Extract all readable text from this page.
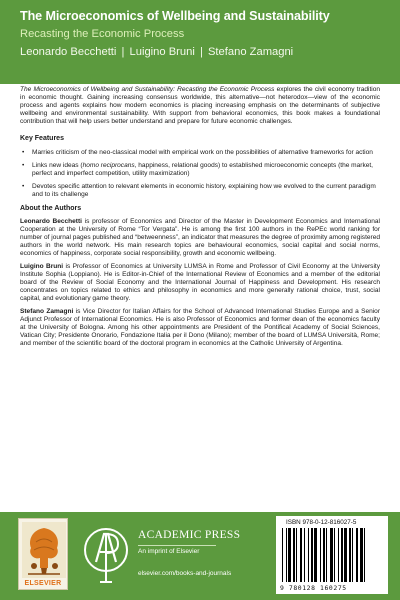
The Microeconomics of Wellbeing and Sustainability
Recasting the Economic Process
Leonardo Becchetti | Luigino Bruni | Stefano Zamagni

The Microeconomics of Wellbeing and Sustainability: Recasting the Economic Process explores the civil economy tradition in economic thought. Gaining increasing consensus worldwide, this alternative—not heterodox—view of the economic process and agents explains how modern economics is placing increasing emphasis on the determinants of subjective wellbeing and environmental sustainability. With support from behavioral economics, this book makes a foundational contribution that will help users better understand and prepare for future economic challenges.

Key Features
• Marries criticism of the neo-classical model with empirical work on the possibilities of alternative frameworks for action
• Links new ideas (homo reciprocans, happiness, relational goods) to established microeconomic concepts (the market, perfect and imperfect competition, utility maximization)
• Devotes specific attention to relevant elements in economic history, explaining how we evolved to the current paradigm and to its challenge
About the Authors

Leonardo Becchetti is professor of Economics and Director of the Master in Development Economics and International Cooperation at the University of Rome “Tor Vergata”. He is among the first 100 authors in the RePEc world ranking for number of journal pages published and “betweenness”, an indicator that measures the degree of proximity among registered authors in the world network. His main research topics are behavioural economics, social capital and social norms, economics of happiness, corporate social responsibility, growth and economic wellbeing.

Luigino Bruni is Professor of Economics at University LUMSA in Rome and Professor of Civil Economy at the University Institute Sophia (Loppiano). He is Editor-in-Chief of the International Review of Economics and a member of the editorial board of the Review of Social Economy and the International Journal of Happiness and Development. His research concentrates on topics related to ethics and philosophy in economics and more generally rational choice, trust, social capital, and evolutionary game theory.

Stefano Zamagni is Vice Director for Italian Affairs for the School of Advanced International Studies Europe and a Senior Adjunct Professor of International Economics. He is also Professor of Economics and former dean of the economics faculty at the University of Bologna. Among his other appointments are President of the Pontifical Academy of Social Sciences, Vatican City; Presidente Onorario, Fondazione Italia per il Dono (Milano); member of the board of LUMSA Università, Rome; and member of the scientific board of the doctoral program in economics at the Catholic University of Argentina.

ELSEVIER
ACADEMIC PRESS
An imprint of Elsevier
elsevier.com/books-and-journals
ISBN 978-0-12-816027-5
9 780128 160275
